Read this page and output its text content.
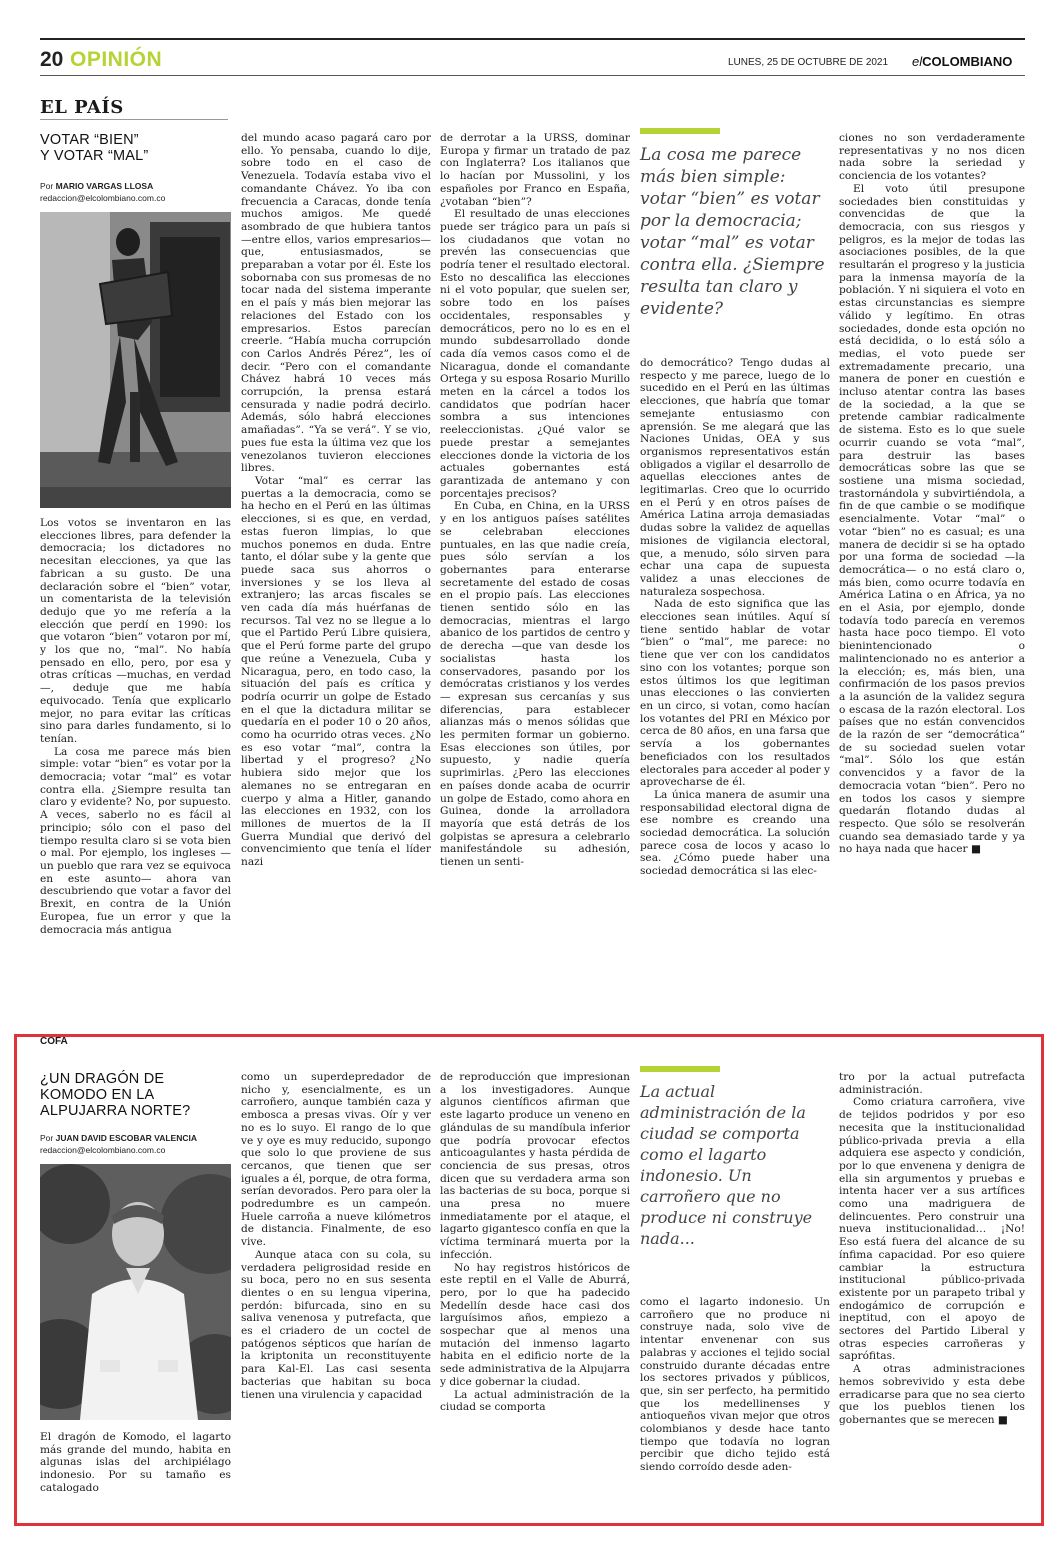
20 OPINIÓN	LUNES, 25 DE OCTUBRE DE 2021 elCOLOMBIANO
EL PAÍS
VOTAR “BIEN”
Y VOTAR “MAL”
Por MARIO VARGAS LLOSA
redaccion@elcolombiano.com.co

Los votos se inventaron en las elecciones libres, para defender la democracia; los dictadores no necesitan elecciones, ya que las fabrican a su gusto. De una declaración sobre el “bien” votar, un comentarista de la televisión dedujo que yo me refería a la elección que perdí en 1990: los que votaron “bien” votaron por mí, y los que no, “mal”. No había pensado en ello, pero, por esa y otras críticas —muchas, en verdad—, deduje que me había equivocado. Tenía que explicarlo mejor, no para evitar las críticas sino para darles fundamento, si lo tenían.

La cosa me parece más bien simple: votar “bien” es votar por la democracia; votar “mal” es votar contra ella. ¿Siempre resulta tan claro y evidente? No, por supuesto. A veces, saberlo no es fácil al principio; sólo con el paso del tiempo resulta claro si se vota bien o mal. Por ejemplo, los ingleses —un pueblo que rara vez se equivoca en este asunto— ahora van descubriendo que votar a favor del Brexit, en contra de la Unión Europea, fue un error y que la democracia más antigua

del mundo acaso pagará caro por ello. Yo pensaba, cuando lo dije, sobre todo en el caso de Venezuela. Todavía estaba vivo el comandante Chávez. Yo iba con frecuencia a Caracas, donde tenía muchos amigos. Me quedé asombrado de que hubiera tantos —entre ellos, varios empresarios— que, entusiasmados, se preparaban a votar por él. Este los sobornaba con sus promesas de no tocar nada del sistema imperante en el país y más bien mejorar las relaciones del Estado con los empresarios. Estos parecían creerle. “Había mucha corrupción con Carlos Andrés Pérez”, les oí decir. “Pero con el comandante Chávez habrá 10 veces más corrupción, la prensa estará censurada y nadie podrá decirlo. Además, sólo habrá elecciones amañadas”. “Ya se verá”. Y se vio, pues fue esta la última vez que los venezolanos tuvieron elecciones libres.

Votar “mal” es cerrar las puertas a la democracia, como se ha hecho en el Perú en las últimas elecciones, si es que, en verdad, estas fueron limpias, lo que muchos ponemos en duda. Entre tanto, el dólar sube y la gente que puede saca sus ahorros o inversiones y se los lleva al extranjero; las arcas fiscales se ven cada día más huérfanas de recursos. Tal vez no se llegue a lo que el Partido Perú Libre quisiera, que el Perú forme parte del grupo que reúne a Venezuela, Cuba y Nicaragua, pero, en todo caso, la situación del país es crítica y podría ocurrir un golpe de Estado en el que la dictadura militar se quedaría en el poder 10 o 20 años, como ha ocurrido otras veces. ¿No es eso votar “mal”, contra la libertad y el progreso? ¿No hubiera sido mejor que los alemanes no se entregaran en cuerpo y alma a Hitler, ganando las elecciones en 1932, con los millones de muertos de la II Guerra Mundial que derivó del convencimiento que tenía el líder nazi

de derrotar a la URSS, dominar Europa y firmar un tratado de paz con Inglaterra? Los italianos que lo hacían por Mussolini, y los españoles por Franco en España, ¿votaban “bien”?

El resultado de unas elecciones puede ser trágico para un país si los ciudadanos que votan no prevén las consecuencias que podría tener el resultado electoral. Esto no descalifica las elecciones ni el voto popular, que suelen ser, sobre todo en los países occidentales, responsables y democráticos, pero no lo es en el mundo subdesarrollado donde cada día vemos casos como el de Nicaragua, donde el comandante Ortega y su esposa Rosario Murillo meten en la cárcel a todos los candidatos que podrían hacer sombra a sus intenciones reeleccionistas. ¿Qué valor se puede prestar a semejantes elecciones donde la victoria de los actuales gobernantes está garantizada de antemano y con porcentajes precisos?

En Cuba, en China, en la URSS y en los antiguos países satélites se celebraban elecciones puntuales, en las que nadie creía, pues sólo servían a los gobernantes para enterarse secretamente del estado de cosas en el propio país. Las elecciones tienen sentido sólo en las democracias, mientras el largo abanico de los partidos de centro y de derecha —que van desde los socialistas hasta los conservadores, pasando por los demócratas cristianos y los verdes— expresan sus cercanías y sus diferencias, para establecer alianzas más o menos sólidas que les permiten formar un gobierno. Esas elecciones son útiles, por supuesto, y nadie quería suprimirlas. ¿Pero las elecciones en países donde acaba de ocurrir un golpe de Estado, como ahora en Guinea, donde la arrolladora mayoría que está detrás de los golpistas se apresura a celebrarlo manifestándole su adhesión, tienen un senti-

La cosa me parece más bien simple: votar “bien” es votar por la democracia; votar “mal” es votar contra ella. ¿Siempre resulta tan claro y evidente?

do democrático? Tengo dudas al respecto y me parece, luego de lo sucedido en el Perú en las últimas elecciones, que habría que tomar semejante entusiasmo con aprensión. Se me alegará que las Naciones Unidas, OEA y sus organismos representativos están obligados a vigilar el desarrollo de aquellas elecciones antes de legitimarlas. Creo que lo ocurrido en el Perú y en otros países de América Latina arroja demasiadas dudas sobre la validez de aquellas misiones de vigilancia electoral, que, a menudo, sólo sirven para echar una capa de supuesta validez a unas elecciones de naturaleza sospechosa.

Nada de esto significa que las elecciones sean inútiles. Aquí sí tiene sentido hablar de votar “bien” o “mal”, me parece: no tiene que ver con los candidatos sino con los votantes; porque son estos últimos los que legitiman unas elecciones o las convierten en un circo, si votan, como hacían los votantes del PRI en México por cerca de 80 años, en una farsa que servía a los gobernantes beneficiados con los resultados electorales para acceder al poder y aprovecharse de él.

La única manera de asumir una responsabilidad electoral digna de ese nombre es creando una sociedad democrática. La solución parece cosa de locos y acaso lo sea. ¿Cómo puede haber una sociedad democrática si las elec-

ciones no son verdaderamente representativas y no nos dicen nada sobre la seriedad y conciencia de los votantes?

El voto útil presupone sociedades bien constituidas y convencidas de que la democracia, con sus riesgos y peligros, es la mejor de todas las asociaciones posibles, de la que resultarán el progreso y la justicia para la inmensa mayoría de la población. Y ni siquiera el voto en estas circunstancias es siempre válido y legítimo. En otras sociedades, donde esta opción no está decidida, o lo está sólo a medias, el voto puede ser extremadamente precario, una manera de poner en cuestión e incluso atentar contra las bases de la sociedad, a la que se pretende cambiar radicalmente de sistema. Esto es lo que suele ocurrir cuando se vota “mal”, para destruir las bases democráticas sobre las que se sostiene una misma sociedad, trastornándola y subvirtiéndola, a fin de que cambie o se modifique esencialmente. Votar “mal” o votar “bien” no es casual; es una manera de decidir si se ha optado por una forma de sociedad —la democrática— o no está claro o, más bien, como ocurre todavía en América Latina o en África, ya no en el Asia, por ejemplo, donde todavía todo parecía en veremos hasta hace poco tiempo. El voto bienintencionado o malintencionado no es anterior a la elección; es, más bien, una confirmación de los pasos previos a la asunción de la validez segura o escasa de la razón electoral. Los países que no están convencidos de la razón de ser “democrática” de su sociedad suelen votar “mal”. Sólo los que están convencidos y a favor de la democracia votan “bien”. Pero no en todos los casos y siempre quedarán flotando dudas al respecto. Que sólo se resolverán cuando sea demasiado tarde y ya no haya nada que hacer ■

COFA
¿UN DRAGÓN DE
KOMODO EN LA
ALPUJARRA NORTE?
Por JUAN DAVID ESCOBAR VALENCIA
redaccion@elcolombiano.com.co

El dragón de Komodo, el lagarto más grande del mundo, habita en algunas islas del archipiélago indonesio. Por su tamaño es catalogado

como un superdepredador de nicho y, esencialmente, es un carroñero, aunque también caza y embosca a presas vivas. Oír y ver no es lo suyo. El rango de lo que ve y oye es muy reducido, supongo que solo lo que proviene de sus cercanos, que tienen que ser iguales a él, porque, de otra forma, serían devorados. Pero para oler la podredumbre es un campeón. Huele carroña a nueve kilómetros de distancia. Finalmente, de eso vive.

Aunque ataca con su cola, su verdadera peligrosidad reside en su boca, pero no en sus sesenta dientes o en su lengua viperina, perdón: bifurcada, sino en su saliva venenosa y putrefacta, que es el criadero de un coctel de patógenos sépticos que harían de la kriptonita un reconstituyente para Kal-El. Las casi sesenta bacterias que habitan su boca tienen una virulencia y capacidad

de reproducción que impresionan a los investigadores. Aunque algunos científicos afirman que este lagarto produce un veneno en glándulas de su mandíbula inferior que podría provocar efectos anticoagulantes y hasta pérdida de conciencia de sus presas, otros dicen que su verdadera arma son las bacterias de su boca, porque si una presa no muere inmediatamente por el ataque, el lagarto gigantesco confía en que la víctima terminará muerta por la infección.

No hay registros históricos de este reptil en el Valle de Aburrá, pero, por lo que ha padecido Medellín desde hace casi dos larguísimos años, empiezo a sospechar que al menos una mutación del inmenso lagarto habita en el edificio norte de la sede administrativa de la Alpujarra y dice gobernar la ciudad.

La actual administración de la ciudad se comporta

La actual administración de la ciudad se comporta como el lagarto indonesio. Un carroñero que no produce ni construye nada...

como el lagarto indonesio. Un carroñero que no produce ni construye nada, solo vive de intentar envenenar con sus palabras y acciones el tejido social construido durante décadas entre los sectores privados y públicos, que, sin ser perfecto, ha permitido que los medellinenses y antioqueños vivan mejor que otros colombianos y desde hace tanto tiempo que todavía no logran percibir que dicho tejido está siendo corroído desde aden-

tro por la actual putrefacta administración.

Como criatura carroñera, vive de tejidos podridos y por eso necesita que la institucionalidad público-privada previa a ella adquiera ese aspecto y condición, por lo que envenena y denigra de ella sin argumentos y pruebas e intenta hacer ver a sus artífices como una madriguera de delincuentes. Pero construir una nueva institucionalidad… ¡No! Eso está fuera del alcance de su ínfima capacidad. Por eso quiere cambiar la estructura institucional público-privada existente por un parapeto tribal y endogámico de corrupción e ineptitud, con el apoyo de sectores del Partido Liberal y otras especies carroñeras y saprófitas.

A otras administraciones hemos sobrevivido y esta debe erradicarse para que no sea cierto que los pueblos tienen los gobernantes que se merecen ■
